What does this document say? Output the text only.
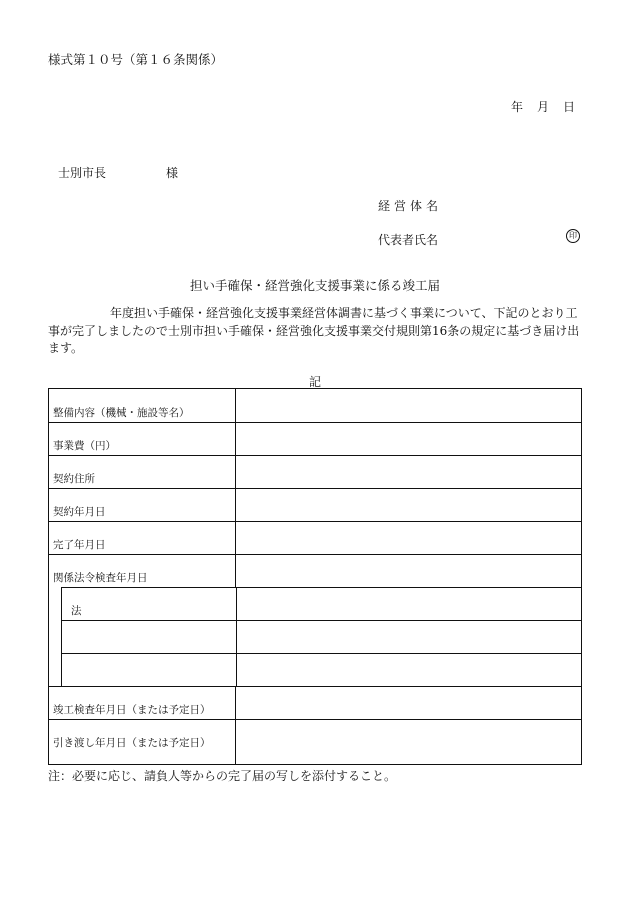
様式第１０号（第１６条関係）
年 月 日
士別市長	様
経営体名
代表者氏名	印
担い手確保・経営強化支援事業に係る竣工届
年度担い手確保・経営強化支援事業経営体調書に基づく事業について、下記のとおり工事が完了しましたので士別市担い手確保・経営強化支援事業交付規則第16条の規定に基づき届け出ます。
記
整備内容（機械・施設等名）
事業費（円）
契約住所
契約年月日
完了年月日
関係法令検査年月日
法
竣工検査年月日（または予定日）
引き渡し年月日（または予定日）
注：必要に応じ、請負人等からの完了届の写しを添付すること。
